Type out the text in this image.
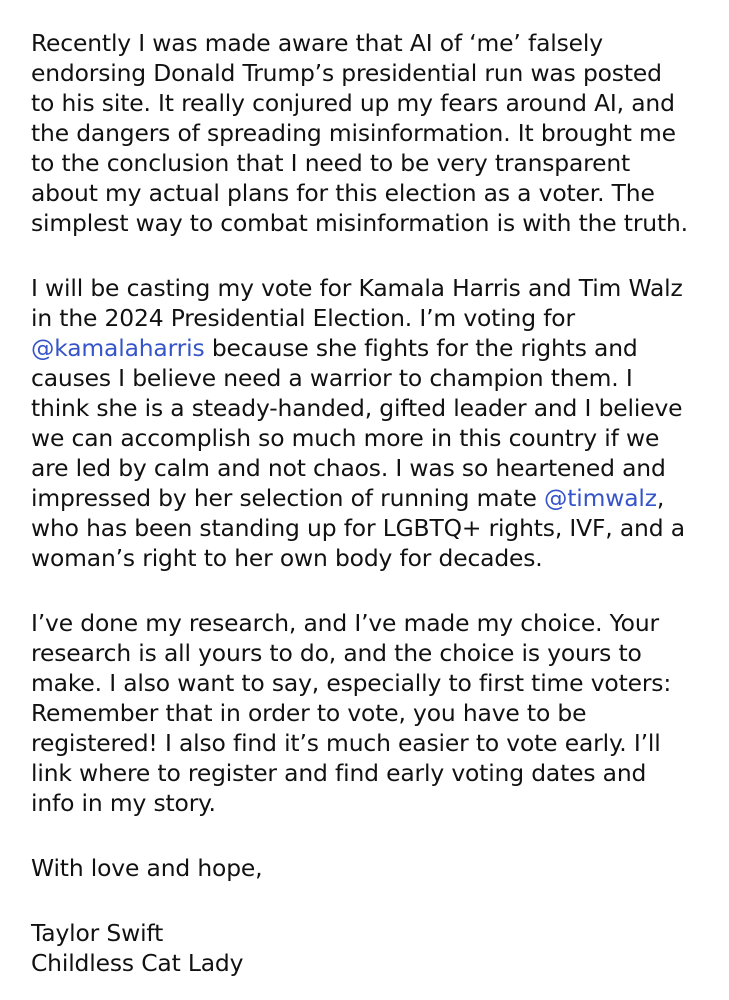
Recently I was made aware that AI of ‘me’ falsely
endorsing Donald Trump’s presidential run was posted
to his site. It really conjured up my fears around AI, and
the dangers of spreading misinformation. It brought me
to the conclusion that I need to be very transparent
about my actual plans for this election as a voter. The
simplest way to combat misinformation is with the truth.
I will be casting my vote for Kamala Harris and Tim Walz
in the 2024 Presidential Election. I’m voting for
@kamalaharris because she fights for the rights and
causes I believe need a warrior to champion them. I
think she is a steady-handed, gifted leader and I believe
we can accomplish so much more in this country if we
are led by calm and not chaos. I was so heartened and
impressed by her selection of running mate @timwalz,
who has been standing up for LGBTQ+ rights, IVF, and a
woman’s right to her own body for decades.
I’ve done my research, and I’ve made my choice. Your
research is all yours to do, and the choice is yours to
make. I also want to say, especially to first time voters:
Remember that in order to vote, you have to be
registered! I also find it’s much easier to vote early. I’ll
link where to register and find early voting dates and
info in my story.
With love and hope,
Taylor Swift
Childless Cat Lady
